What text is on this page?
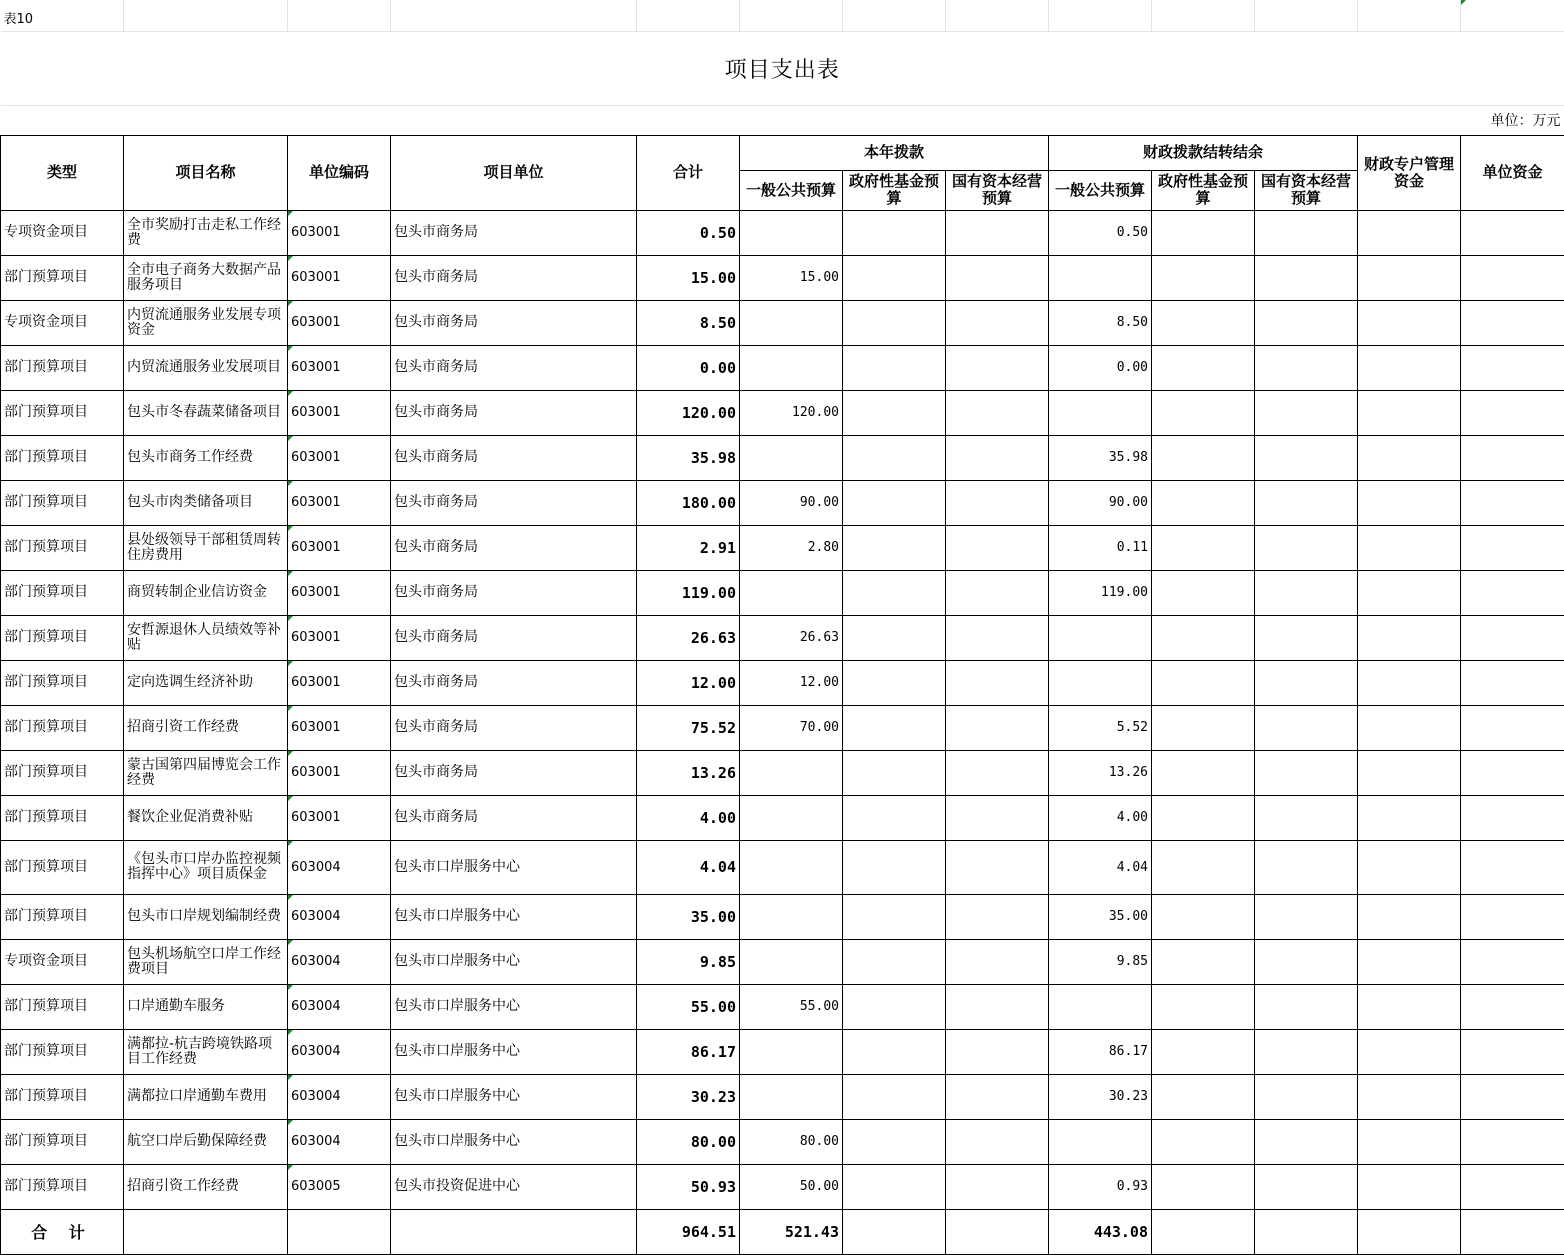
表10												
项目支出表												
单位：万元												
类型	项目名称	单位编码	项目单位	合计	本年拨款			财政拨款结转结余			财政专户管理资金	单位资金
					一般公共预算	政府性基金预算	国有资本经营预算	一般公共预算	政府性基金预算	国有资本经营预算		
专项资金项目	全市奖励打击走私工作经费	603001	包头市商务局	0.50				0.50				
部门预算项目	全市电子商务大数据产品服务项目	603001	包头市商务局	15.00	15.00							
专项资金项目	内贸流通服务业发展专项资金	603001	包头市商务局	8.50				8.50				
部门预算项目	内贸流通服务业发展项目	603001	包头市商务局	0.00				0.00				
部门预算项目	包头市冬春蔬菜储备项目	603001	包头市商务局	120.00	120.00							
部门预算项目	包头市商务工作经费	603001	包头市商务局	35.98				35.98				
部门预算项目	包头市肉类储备项目	603001	包头市商务局	180.00	90.00			90.00				
部门预算项目	县处级领导干部租赁周转住房费用	603001	包头市商务局	2.91	2.80			0.11				
部门预算项目	商贸转制企业信访资金	603001	包头市商务局	119.00				119.00				
部门预算项目	安哲源退休人员绩效等补贴	603001	包头市商务局	26.63	26.63							
部门预算项目	定向选调生经济补助	603001	包头市商务局	12.00	12.00							
部门预算项目	招商引资工作经费	603001	包头市商务局	75.52	70.00			5.52				
部门预算项目	蒙古国第四届博览会工作经费	603001	包头市商务局	13.26				13.26				
部门预算项目	餐饮企业促消费补贴	603001	包头市商务局	4.00				4.00				
部门预算项目	《包头市口岸办监控视频指挥中心》项目质保金	603004	包头市口岸服务中心	4.04				4.04				
部门预算项目	包头市口岸规划编制经费	603004	包头市口岸服务中心	35.00				35.00				
专项资金项目	包头机场航空口岸工作经费项目	603004	包头市口岸服务中心	9.85				9.85				
部门预算项目	口岸通勤车服务	603004	包头市口岸服务中心	55.00	55.00							
部门预算项目	满都拉-杭吉跨境铁路项目工作经费	603004	包头市口岸服务中心	86.17				86.17				
部门预算项目	满都拉口岸通勤车费用	603004	包头市口岸服务中心	30.23				30.23				
部门预算项目	航空口岸后勤保障经费	603004	包头市口岸服务中心	80.00	80.00							
部门预算项目	招商引资工作经费	603005	包头市投资促进中心	50.93	50.00			0.93				
合 计				964.51	521.43			443.08				
